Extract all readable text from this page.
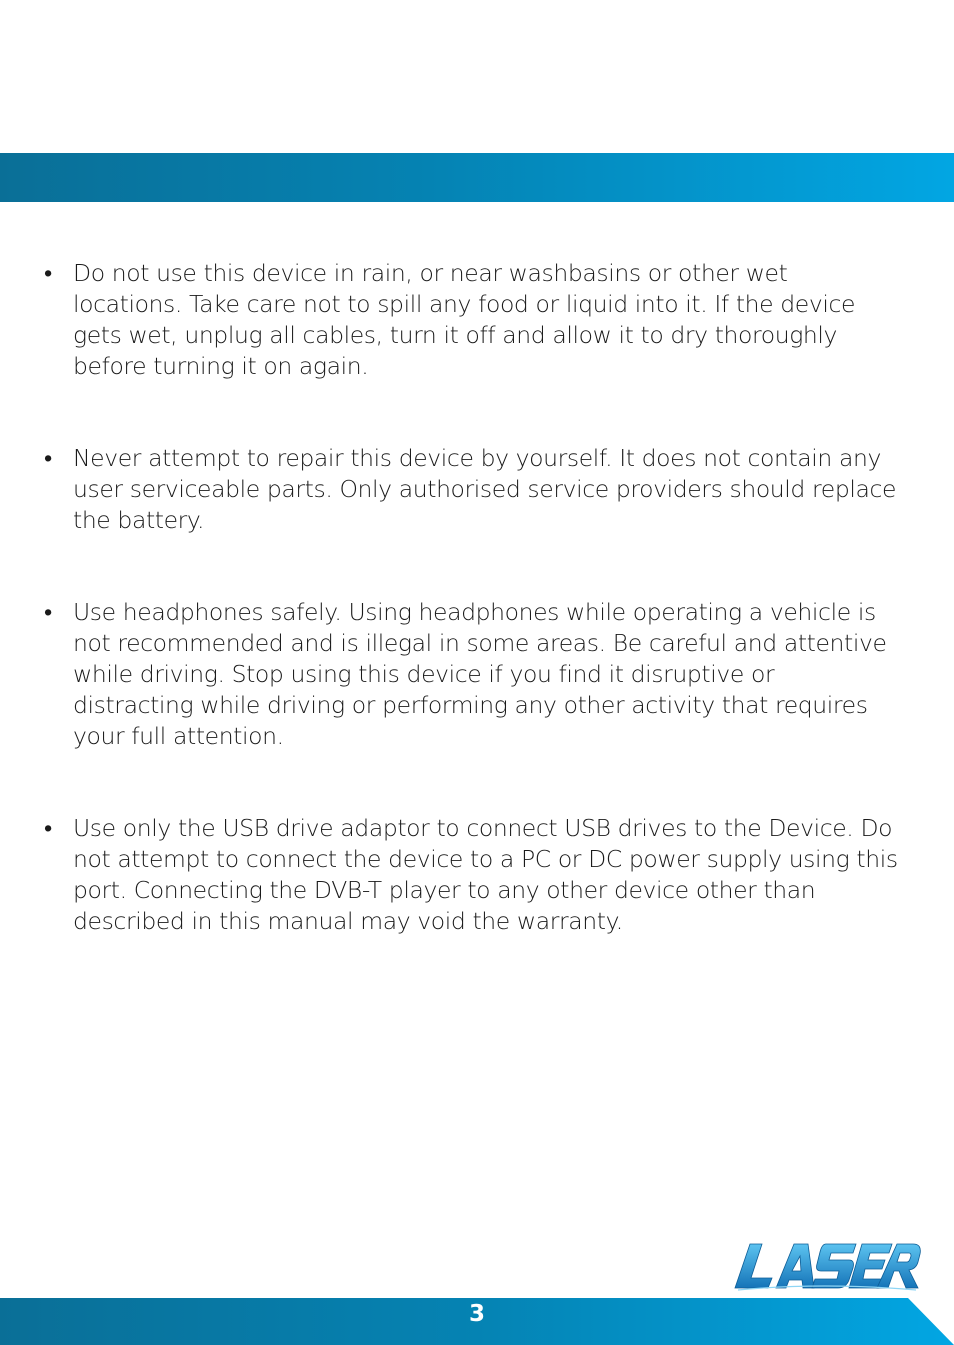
• Do not use this device in rain, or near washbasins or other wet locations. Take care not to spill any food or liquid into it. If the device gets wet, unplug all cables, turn it off and allow it to dry thoroughly before turning it on again.
• Never attempt to repair this device by yourself. It does not contain any user serviceable parts. Only authorised service providers should replace the battery.
• Use headphones safely. Using headphones while operating a vehicle is not recommended and is illegal in some areas. Be careful and attentive while driving. Stop using this device if you find it disruptive or distracting while driving or performing any other activity that requires your full attention.
• Use only the USB drive adaptor to connect USB drives to the Device. Do not attempt to connect the device to a PC or DC power supply using this port. Connecting the DVB-T player to any other device other than described in this manual may void the warranty.
3
